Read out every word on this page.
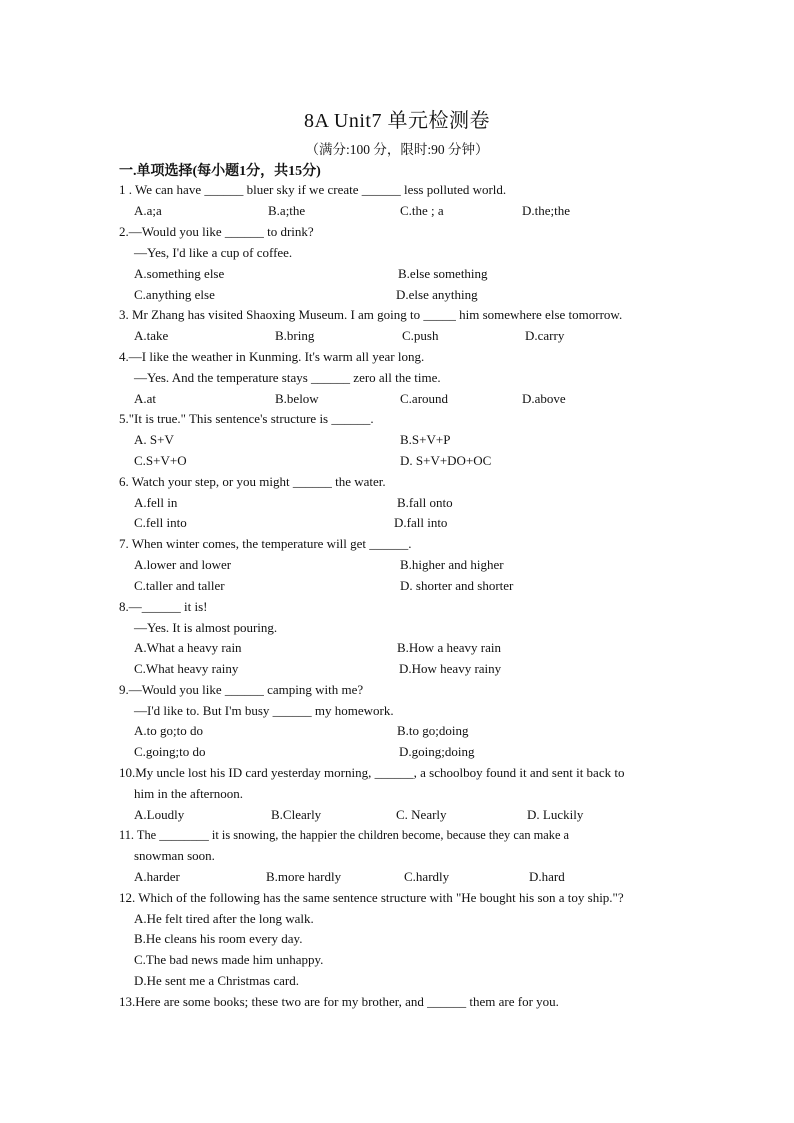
8A Unit7 单元检测卷
（满分:100 分，限时:90 分钟）
一.单项选择(每小题1分，共15分)
1 . We can have ______ bluer sky if we create ______ less polluted world.
A.a;a	B.a;the	C.the ; a	D.the;the
2.—Would you like ______ to drink?
—Yes, I'd like a cup of coffee.
A.something else	B.else something
C.anything else	D.else anything
3. Mr Zhang has visited Shaoxing Museum. I am going to _____ him somewhere else tomorrow.
A.take	B.bring	C.push	D.carry
4.—I like the weather in Kunming. It's warm all year long.
—Yes. And the temperature stays ______ zero all the time.
A.at	B.below	C.around	D.above
5."It is true." This sentence's structure is ______.
A. S+V	B.S+V+P
C.S+V+O	D. S+V+DO+OC
6. Watch your step, or you might ______ the water.
A.fell in	B.fall onto
C.fell into	D.fall into
7. When winter comes, the temperature will get ______.
A.lower and lower	B.higher and higher
C.taller and taller	D. shorter and shorter
8.—______ it is!
—Yes. It is almost pouring.
A.What a heavy rain	B.How a heavy rain
C.What heavy rainy	D.How heavy rainy
9.—Would you like ______ camping with me?
—I'd like to. But I'm busy ______ my homework.
A.to go;to do	B.to go;doing
C.going;to do	D.going;doing
10.My uncle lost his ID card yesterday morning, ______, a schoolboy found it and sent it back to
him in the afternoon.
A.Loudly	B.Clearly	C. Nearly	D. Luckily
11. The ________ it is snowing, the happier the children become, because they can make a
snowman soon.
A.harder	B.more hardly	C.hardly	D.hard
12. Which of the following has the same sentence structure with "He bought his son a toy ship."?
A.He felt tired after the long walk.
B.He cleans his room every day.
C.The bad news made him unhappy.
D.He sent me a Christmas card.
13.Here are some books; these two are for my brother, and ______ them are for you.
